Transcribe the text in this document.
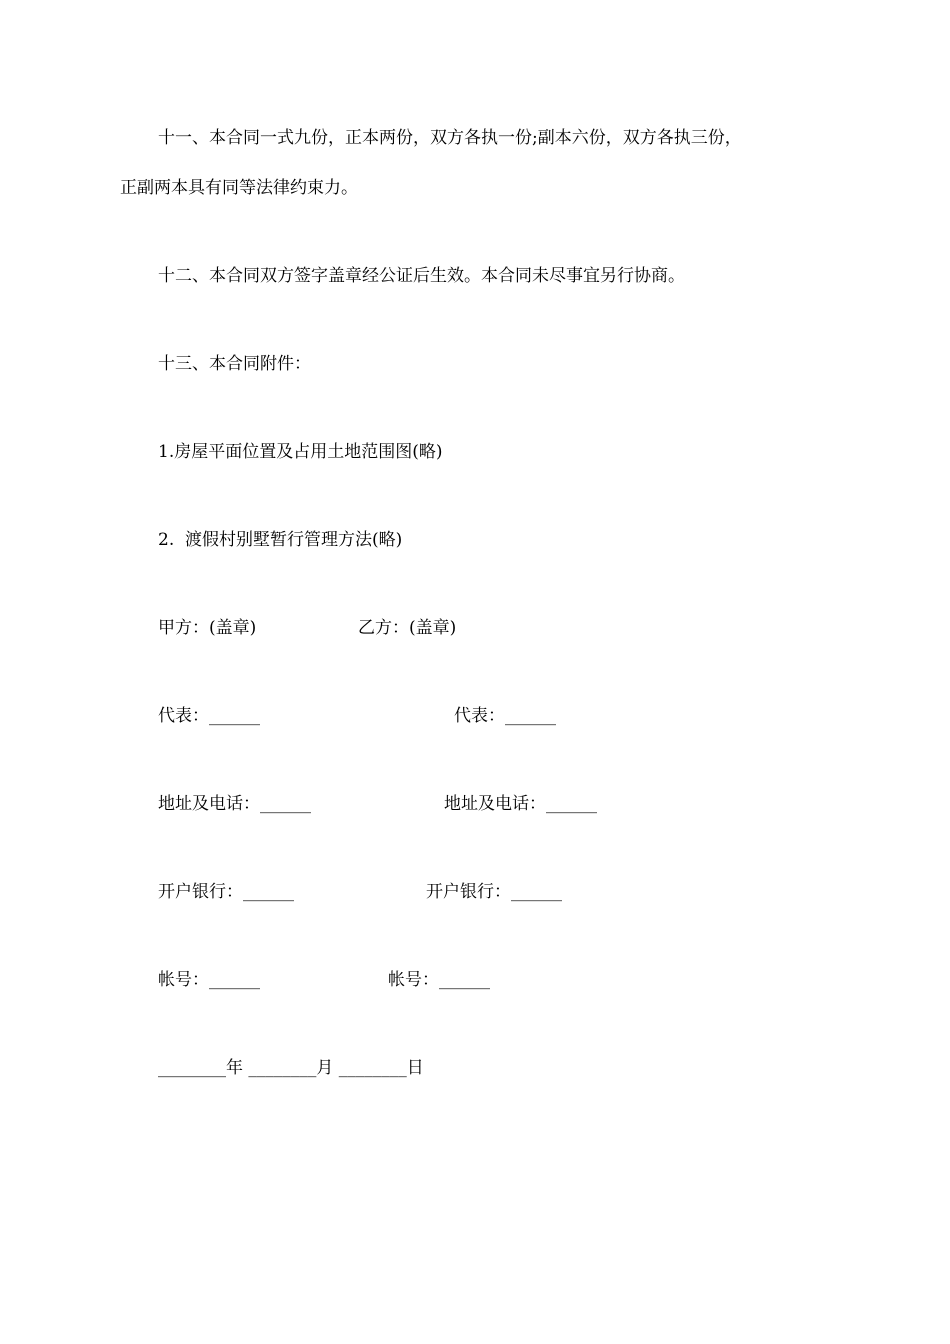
十一、本合同一式九份，正本两份，双方各执一份;副本六份，双方各执三份，
正副两本具有同等法律约束力。
十二、本合同双方签字盖章经公证后生效。本合同未尽事宜另行协商。
十三、本合同附件：
1.房屋平面位置及占用土地范围图(略)
2.  渡假村别墅暂行管理方法(略)
甲方：(盖章)	乙方：(盖章)
代表：______	代表：______
地址及电话：______	地址及电话：______
开户银行：______	开户银行：______
帐号：______	帐号：______
________年 ________月 ________日
